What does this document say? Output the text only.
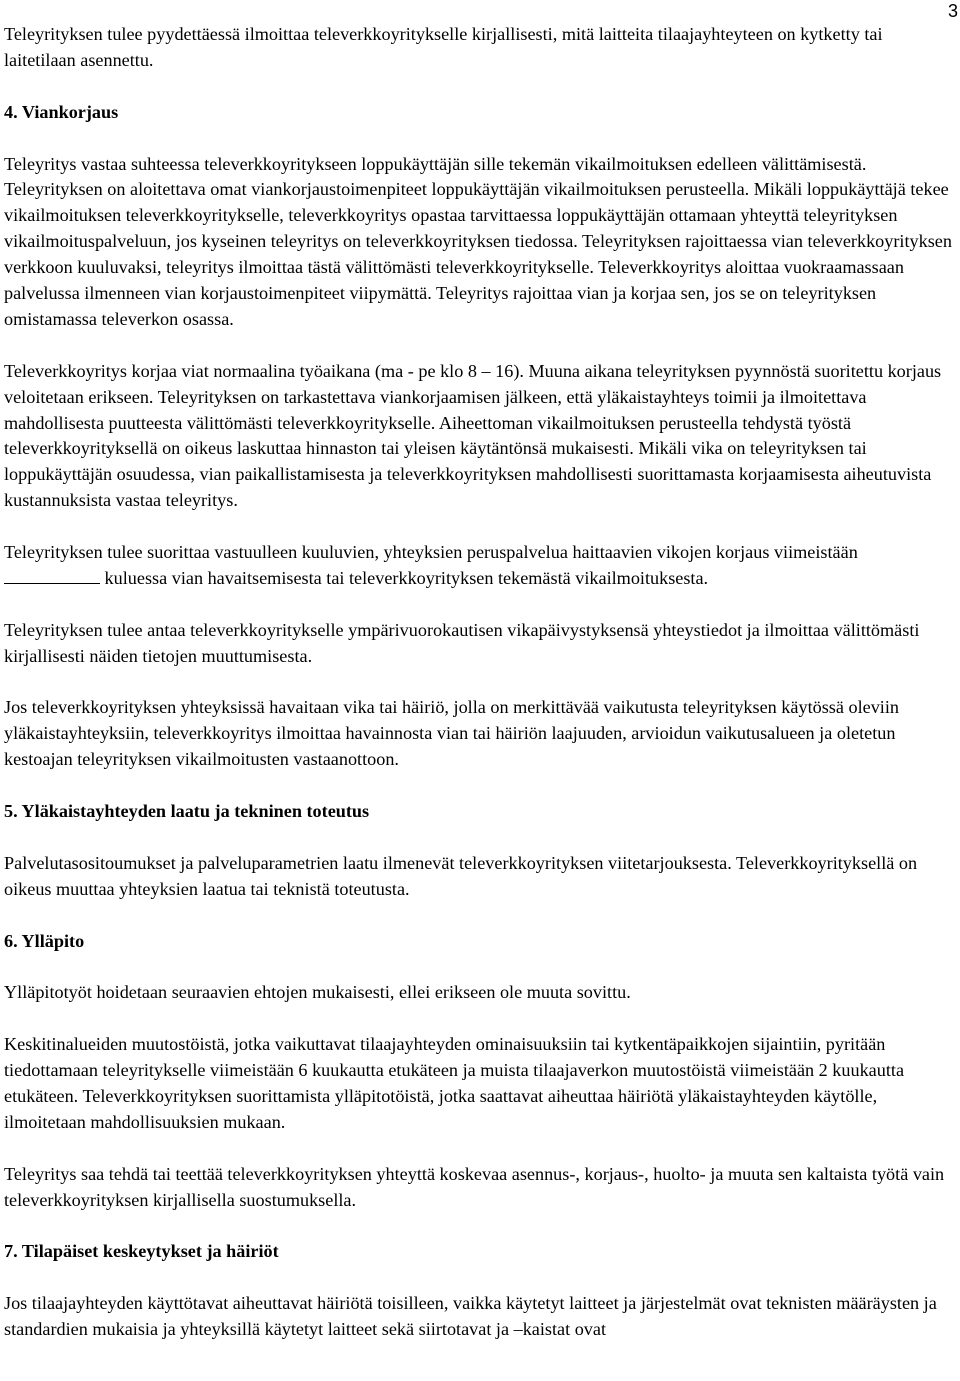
3

Teleyrityksen tulee pyydettäessä ilmoittaa televerkkoyritykselle kirjallisesti, mitä laitteita tilaajayhteyteen on kytketty tai laitetilaan asennettu.

4. Viankorjaus

Teleyritys vastaa suhteessa televerkkoyritykseen loppukäyttäjän sille tekemän vikailmoituksen edelleen välittämisestä. Teleyrityksen on aloitettava omat viankorjaustoimenpiteet loppukäyttäjän vikailmoituksen perusteella. Mikäli loppukäyttäjä tekee vikailmoituksen televerkkoyritykselle, televerkkoyritys opastaa tarvittaessa loppukäyttäjän ottamaan yhteyttä teleyrityksen vikailmoituspalveluun, jos kyseinen teleyritys on televerkkoyrityksen tiedossa. Teleyrityksen rajoittaessa vian televerkkoyrityksen verkkoon kuuluvaksi, teleyritys ilmoittaa tästä välittömästi televerkkoyritykselle. Televerkkoyritys aloittaa vuokraamassaan palvelussa ilmenneen vian korjaustoimenpiteet viipymättä. Teleyritys rajoittaa vian ja korjaa sen, jos se on teleyrityksen omistamassa televerkon osassa.

Televerkkoyritys korjaa viat normaalina työaikana (ma - pe klo 8 – 16). Muuna aikana teleyrityksen pyynnöstä suoritettu korjaus veloitetaan erikseen. Teleyrityksen on tarkastettava viankorjaamisen jälkeen, että yläkaistayhteys toimii ja ilmoitettava mahdollisesta puutteesta välittömästi televerkkoyritykselle. Aiheettoman vikailmoituksen perusteella tehdystä työstä televerkkoyrityksellä on oikeus laskuttaa hinnaston tai yleisen käytäntönsä mukaisesti. Mikäli vika on teleyrityksen tai loppukäyttäjän osuudessa, vian paikallistamisesta ja televerkkoyrityksen mahdollisesti suorittamasta korjaamisesta aiheutuvista kustannuksista vastaa teleyritys.

Teleyrityksen tulee suorittaa vastuulleen kuuluvien, yhteyksien peruspalvelua haittaavien vikojen korjaus viimeistään  kuluessa vian havaitsemisesta tai televerkkoyrityksen tekemästä vikailmoituksesta.

Teleyrityksen tulee antaa televerkkoyritykselle ympärivuorokautisen vikapäivystyksensä yhteystiedot ja ilmoittaa välittömästi kirjallisesti näiden tietojen muuttumisesta.

Jos televerkkoyrityksen yhteyksissä havaitaan vika tai häiriö, jolla on merkittävää vaikutusta teleyrityksen käytössä oleviin yläkaistayhteyksiin, televerkkoyritys ilmoittaa havainnosta vian tai häiriön laajuuden, arvioidun vaikutusalueen ja oletetun kestoajan teleyrityksen vikailmoitusten vastaanottoon.

5. Yläkaistayhteyden laatu ja tekninen toteutus

Palvelutasositoumukset ja palveluparametrien laatu ilmenevät televerkkoyrityksen viitetarjouksesta. Televerkkoyrityksellä on oikeus muuttaa yhteyksien laatua tai teknistä toteutusta.

6. Ylläpito

Ylläpitotyöt hoidetaan seuraavien ehtojen mukaisesti, ellei erikseen ole muuta sovittu.

Keskitinalueiden muutostöistä, jotka vaikuttavat tilaajayhteyden ominaisuuksiin tai kytkentäpaikkojen sijaintiin, pyritään tiedottamaan teleyritykselle viimeistään 6 kuukautta etukäteen ja muista tilaajaverkon muutostöistä viimeistään 2 kuukautta etukäteen. Televerkkoyrityksen suorittamista ylläpitotöistä, jotka saattavat aiheuttaa häiriötä yläkaistayhteyden käytölle, ilmoitetaan mahdollisuuksien mukaan.

Teleyritys saa tehdä tai teettää televerkkoyrityksen yhteyttä koskevaa asennus-, korjaus-, huolto- ja muuta sen kaltaista työtä vain televerkkoyrityksen kirjallisella suostumuksella.

7. Tilapäiset keskeytykset ja häiriöt

Jos tilaajayhteyden käyttötavat aiheuttavat häiriötä toisilleen, vaikka käytetyt laitteet ja järjestelmät ovat teknisten määräysten ja standardien mukaisia ja yhteyksillä käytetyt laitteet sekä siirtotavat ja –kaistat ovat
